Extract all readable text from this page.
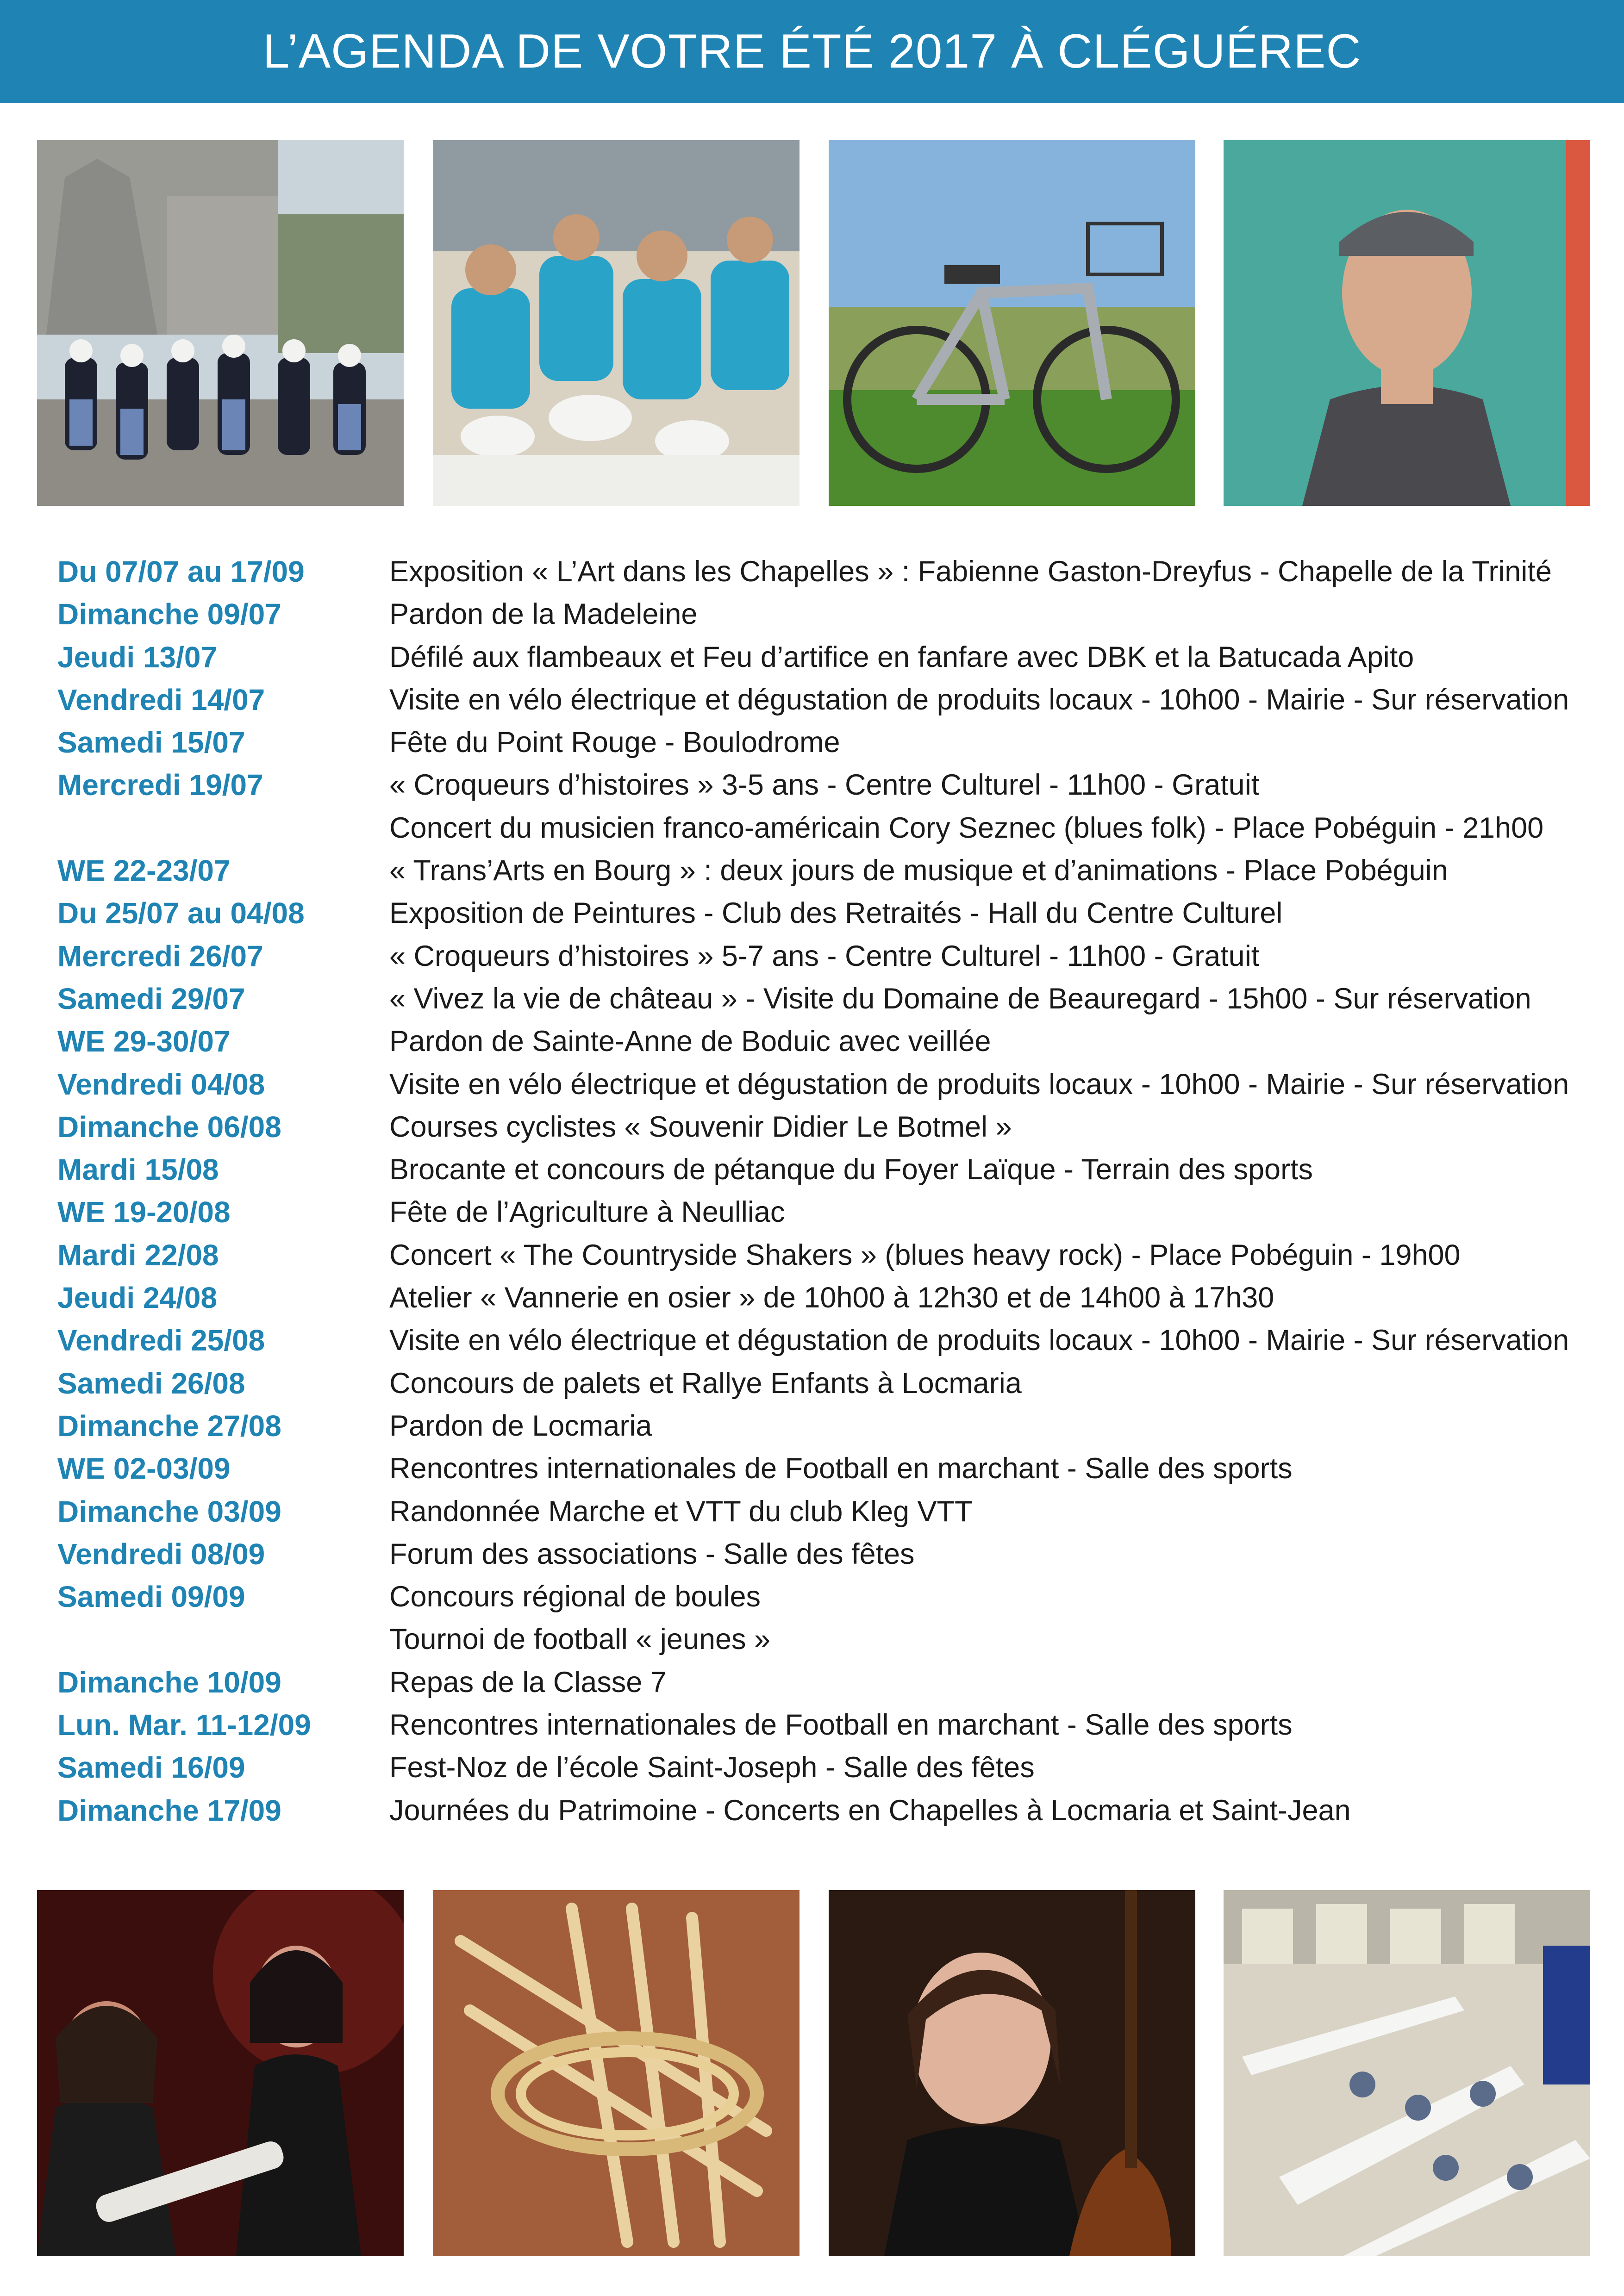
L’AGENDA DE VOTRE ÉTÉ 2017 À CLÉGUÉREC
Du 07/07 au 17/09	Exposition « L’Art dans les Chapelles » : Fabienne Gaston-Dreyfus - Chapelle de la Trinité
Dimanche 09/07	Pardon de la Madeleine
Jeudi 13/07	Défilé aux flambeaux et Feu d’artifice en fanfare avec DBK et la Batucada Apito
Vendredi 14/07	Visite en vélo électrique et dégustation de produits locaux - 10h00 - Mairie - Sur réservation
Samedi 15/07	Fête du Point Rouge - Boulodrome
Mercredi 19/07	« Croqueurs d’histoires » 3-5 ans - Centre Culturel - 11h00 - Gratuit
Concert du musicien franco-américain Cory Seznec (blues folk) - Place Pobéguin - 21h00
WE 22-23/07	« Trans’Arts en Bourg » : deux jours de musique et d’animations - Place Pobéguin
Du 25/07 au 04/08	Exposition de Peintures - Club des Retraités - Hall du Centre Culturel
Mercredi 26/07	« Croqueurs d’histoires » 5-7 ans - Centre Culturel - 11h00 - Gratuit
Samedi 29/07	« Vivez la vie de château » - Visite du Domaine de Beauregard - 15h00 - Sur réservation
WE 29-30/07	Pardon de Sainte-Anne de Boduic avec veillée
Vendredi 04/08	Visite en vélo électrique et dégustation de produits locaux - 10h00 - Mairie - Sur réservation
Dimanche 06/08	Courses cyclistes « Souvenir Didier Le Botmel »
Mardi 15/08	Brocante et concours de pétanque du Foyer Laïque - Terrain des sports
WE 19-20/08	Fête de l’Agriculture à Neulliac
Mardi 22/08	Concert « The Countryside Shakers » (blues heavy rock) - Place Pobéguin - 19h00
Jeudi 24/08	Atelier « Vannerie en osier » de 10h00 à 12h30 et de 14h00 à 17h30
Vendredi 25/08	Visite en vélo électrique et dégustation de produits locaux - 10h00 - Mairie - Sur réservation
Samedi 26/08	Concours de palets et Rallye Enfants à Locmaria
Dimanche 27/08	Pardon de Locmaria
WE 02-03/09	Rencontres internationales de Football en marchant - Salle des sports
Dimanche 03/09	Randonnée Marche et VTT du club Kleg VTT
Vendredi 08/09	Forum des associations - Salle des fêtes
Samedi 09/09	Concours régional de boules
Tournoi de football « jeunes »
Dimanche 10/09	Repas de la Classe 7
Lun. Mar. 11-12/09	Rencontres internationales de Football en marchant - Salle des sports
Samedi 16/09	Fest-Noz de l’école Saint-Joseph - Salle des fêtes
Dimanche 17/09	Journées du Patrimoine - Concerts en Chapelles à Locmaria et Saint-Jean
